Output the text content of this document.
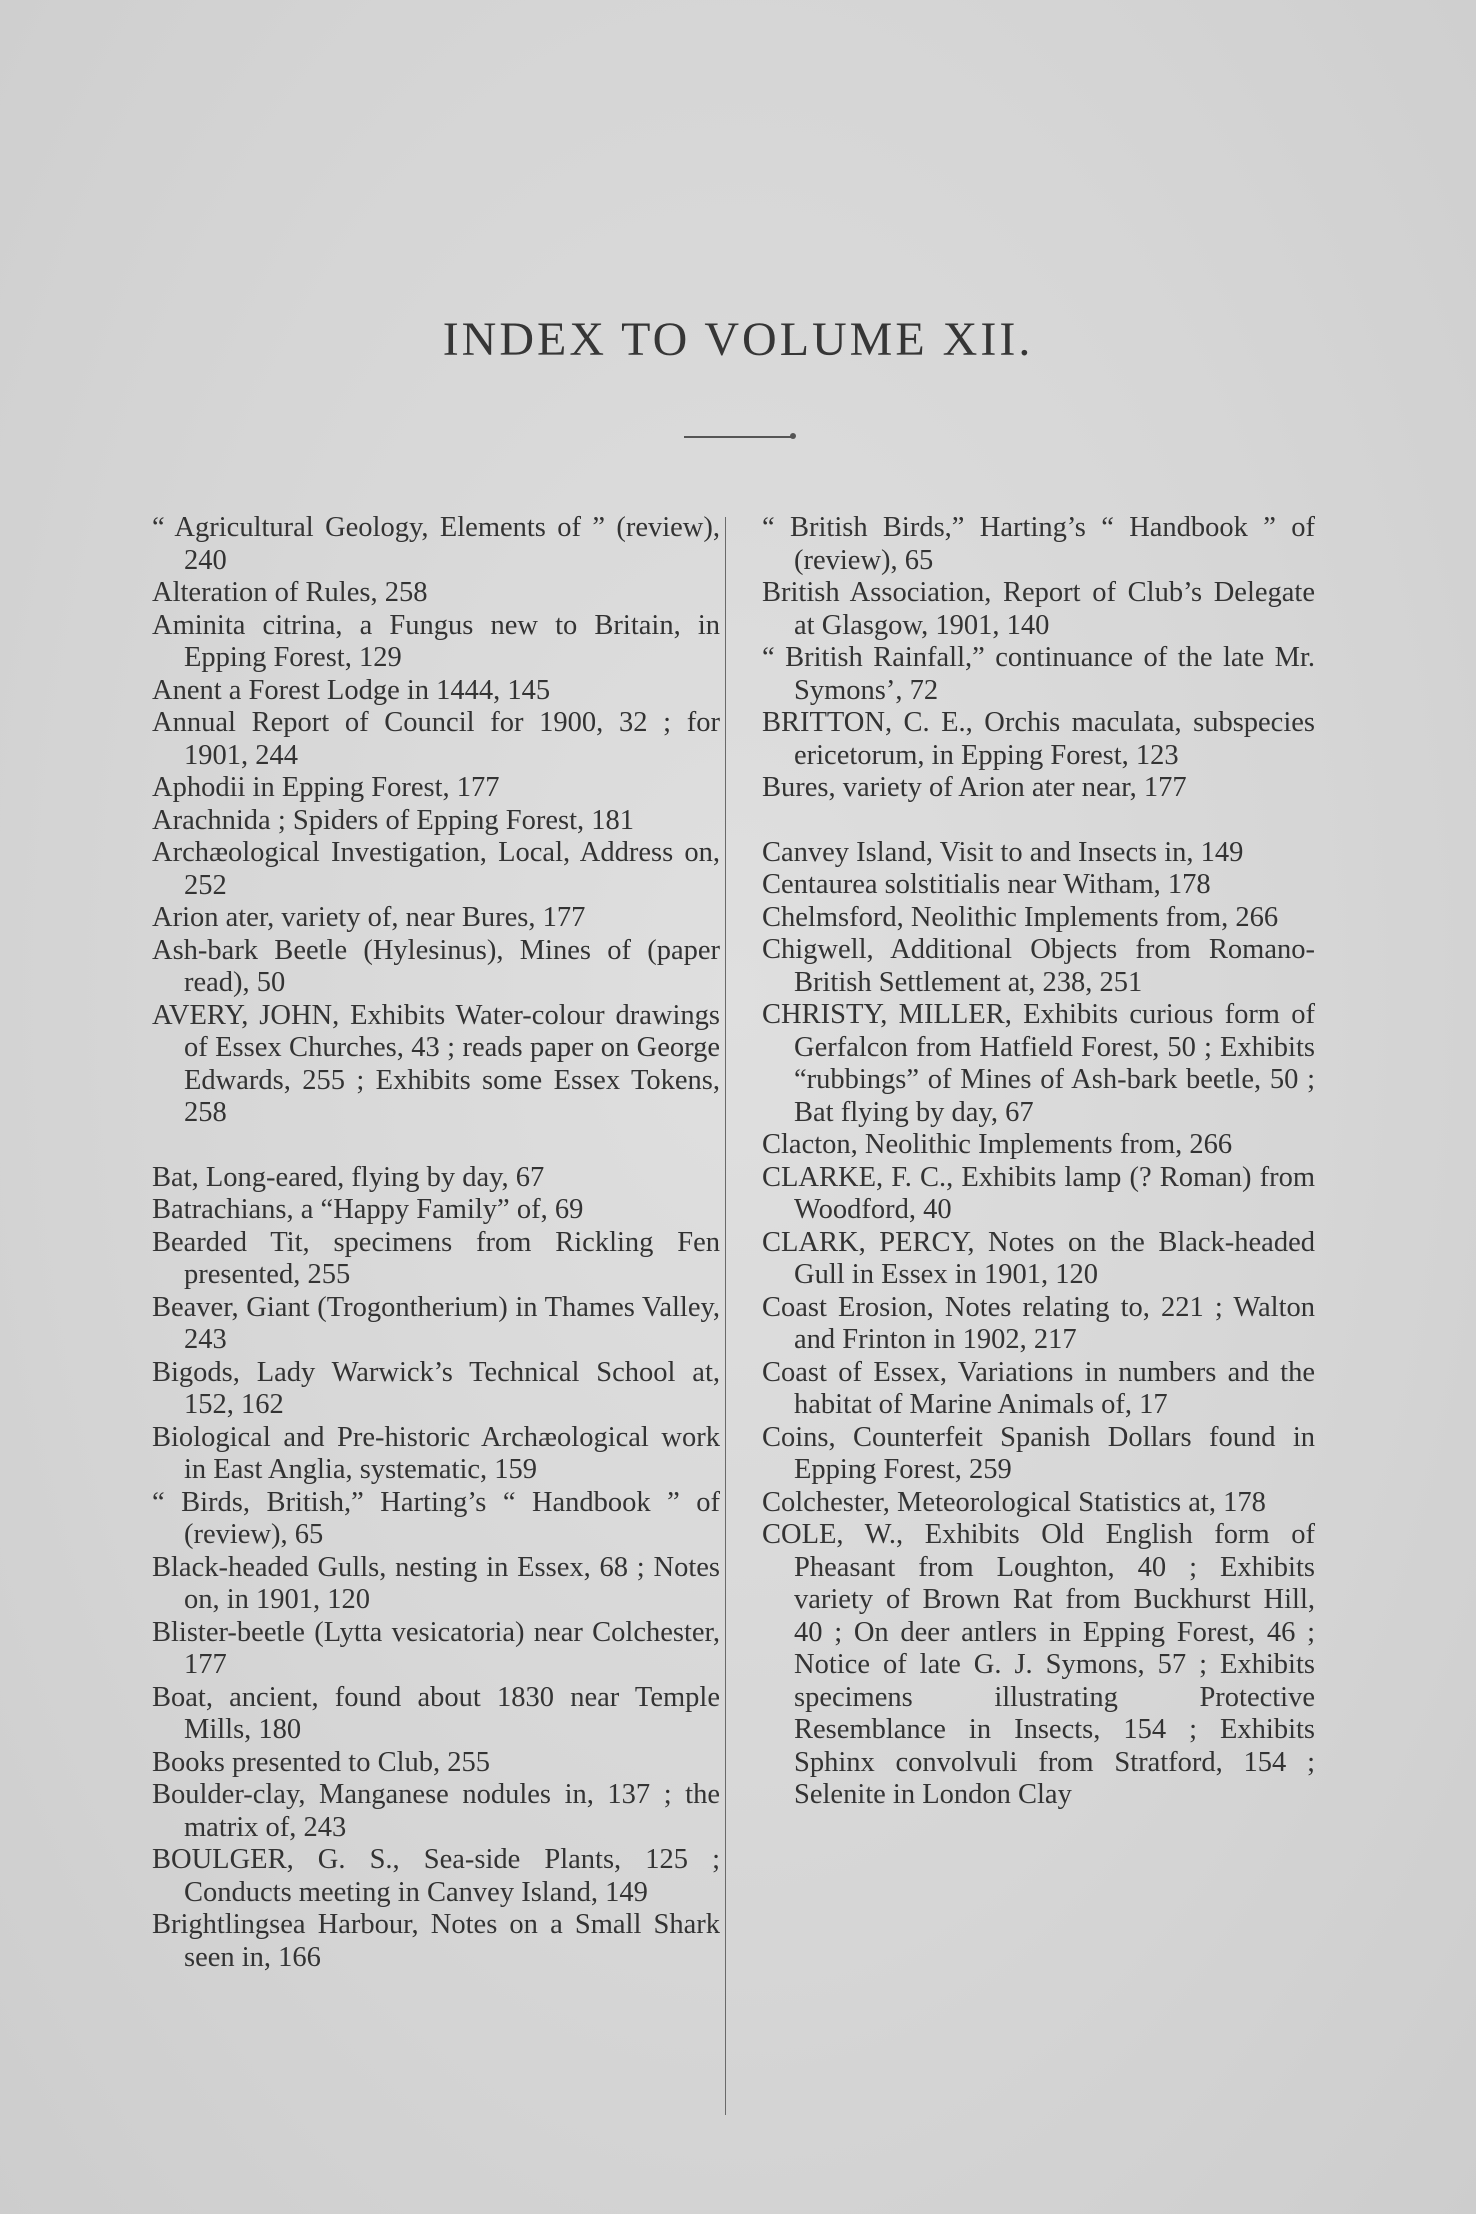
INDEX TO VOLUME XII.

“ Agricultural Geology, Elements of ” (review), 240

Alteration of Rules, 258

Aminita citrina, a Fungus new to Britain, in Epping Forest, 129

Anent a Forest Lodge in 1444, 145

Annual Report of Council for 1900, 32 ; for 1901, 244

Aphodii in Epping Forest, 177

Arachnida ; Spiders of Epping Forest, 181

Archæological Investigation, Local, Address on, 252

Arion ater, variety of, near Bures, 177

Ash-bark Beetle (Hylesinus), Mines of (paper read), 50

AVERY, JOHN, Exhibits Water-colour drawings of Essex Churches, 43 ; reads paper on George Edwards, 255 ; Exhibits some Essex Tokens, 258

Bat, Long-eared, flying by day, 67

Batrachians, a “Happy Family” of, 69

Bearded Tit, specimens from Rickling Fen presented, 255

Beaver, Giant (Trogontherium) in Thames Valley, 243

Bigods, Lady Warwick’s Technical School at, 152, 162

Biological and Pre-historic Archæological work in East Anglia, systematic, 159

“ Birds, British,” Harting’s “ Handbook ” of (review), 65

Black-headed Gulls, nesting in Essex, 68 ; Notes on, in 1901, 120

Blister-beetle (Lytta vesicatoria) near Colchester, 177

Boat, ancient, found about 1830 near Temple Mills, 180

Books presented to Club, 255

Boulder-clay, Manganese nodules in, 137 ; the matrix of, 243

BOULGER, G. S., Sea-side Plants, 125 ; Conducts meeting in Canvey Island, 149

Brightlingsea Harbour, Notes on a Small Shark seen in, 166

“ British Birds,” Harting’s “ Handbook ” of (review), 65

British Association, Report of Club’s Delegate at Glasgow, 1901, 140

“ British Rainfall,” continuance of the late Mr. Symons’, 72

BRITTON, C. E., Orchis maculata, subspecies ericetorum, in Epping Forest, 123

Bures, variety of Arion ater near, 177

Canvey Island, Visit to and Insects in, 149

Centaurea solstitialis near Witham, 178

Chelmsford, Neolithic Implements from, 266

Chigwell, Additional Objects from Romano-British Settlement at, 238, 251

CHRISTY, MILLER, Exhibits curious form of Gerfalcon from Hatfield Forest, 50 ; Exhibits “rubbings” of Mines of Ash-bark beetle, 50 ; Bat flying by day, 67

Clacton, Neolithic Implements from, 266

CLARKE, F. C., Exhibits lamp (? Roman) from Woodford, 40

CLARK, PERCY, Notes on the Black-headed Gull in Essex in 1901, 120

Coast Erosion, Notes relating to, 221 ; Walton and Frinton in 1902, 217

Coast of Essex, Variations in numbers and the habitat of Marine Animals of, 17

Coins, Counterfeit Spanish Dollars found in Epping Forest, 259

Colchester, Meteorological Statistics at, 178

COLE, W., Exhibits Old English form of Pheasant from Loughton, 40 ; Exhibits variety of Brown Rat from Buckhurst Hill, 40 ; On deer antlers in Epping Forest, 46 ; Notice of late G. J. Symons, 57 ; Exhibits specimens illustrating Protective Resemblance in Insects, 154 ; Exhibits Sphinx convolvuli from Stratford, 154 ; Selenite in London Clay
